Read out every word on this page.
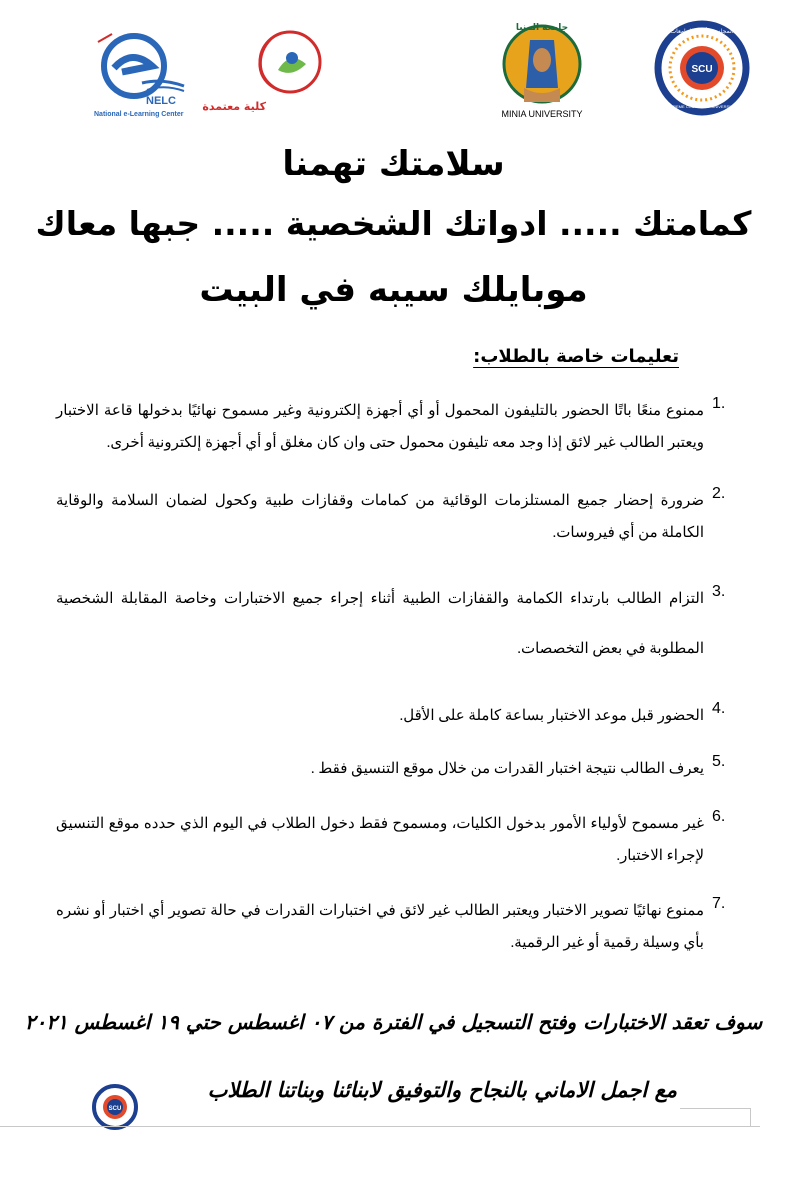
NELC
National e-Learning Center
كلية معتمدة
جامعة المنيا
MINIA UNIVERSITY
SCU
المجلس الأعلى للجامعات
SUPREME COUNCIL OF UNIVERSITIES
سلامتك تهمنا
كمامتك ..... ادواتك الشخصية ..... جبها معاك
موبايلك سيبه في البيت
تعليمات خاصة بالطلاب:
1.
ممنوع منعًا باتًا الحضور بالتليفون المحمول أو أي أجهزة إلكترونية وغير مسموح نهائيًا بدخولها قاعة الاختبار ويعتبر الطالب غير لائق إذا وجد معه تليفون محمول حتى وان كان مغلق أو أي أجهزة إلكترونية أخرى.
2.
ضرورة إحضار جميع المستلزمات الوقائية من كمامات وقفازات طبية وكحول لضمان السلامة والوقاية الكاملة من أي فيروسات.
3.
التزام الطالب بارتداء الكمامة والقفازات الطبية أثناء إجراء جميع الاختبارات وخاصة المقابلة الشخصية المطلوبة في بعض التخصصات.
4.
الحضور قبل موعد الاختبار بساعة كاملة على الأقل.
5.
يعرف الطالب نتيجة اختبار القدرات من خلال موقع التنسيق فقط .
6.
غير مسموح لأولياء الأمور بدخول الكليات، ومسموح فقط دخول الطلاب في اليوم الذي حدده موقع التنسيق لإجراء الاختبار.
7.
ممنوع نهائيًا تصوير الاختبار ويعتبر الطالب غير لائق في اختبارات القدرات في حالة تصوير أي اختبار أو نشره بأي وسيلة رقمية أو غير الرقمية.
سوف تعقد الاختبارات وفتح التسجيل في الفترة من ٠٧ اغسطس حتي ١٩ اغسطس ٢٠٢١
مع اجمل الاماني بالنجاح والتوفيق لابنائنا وبناتنا الطلاب
SCU
